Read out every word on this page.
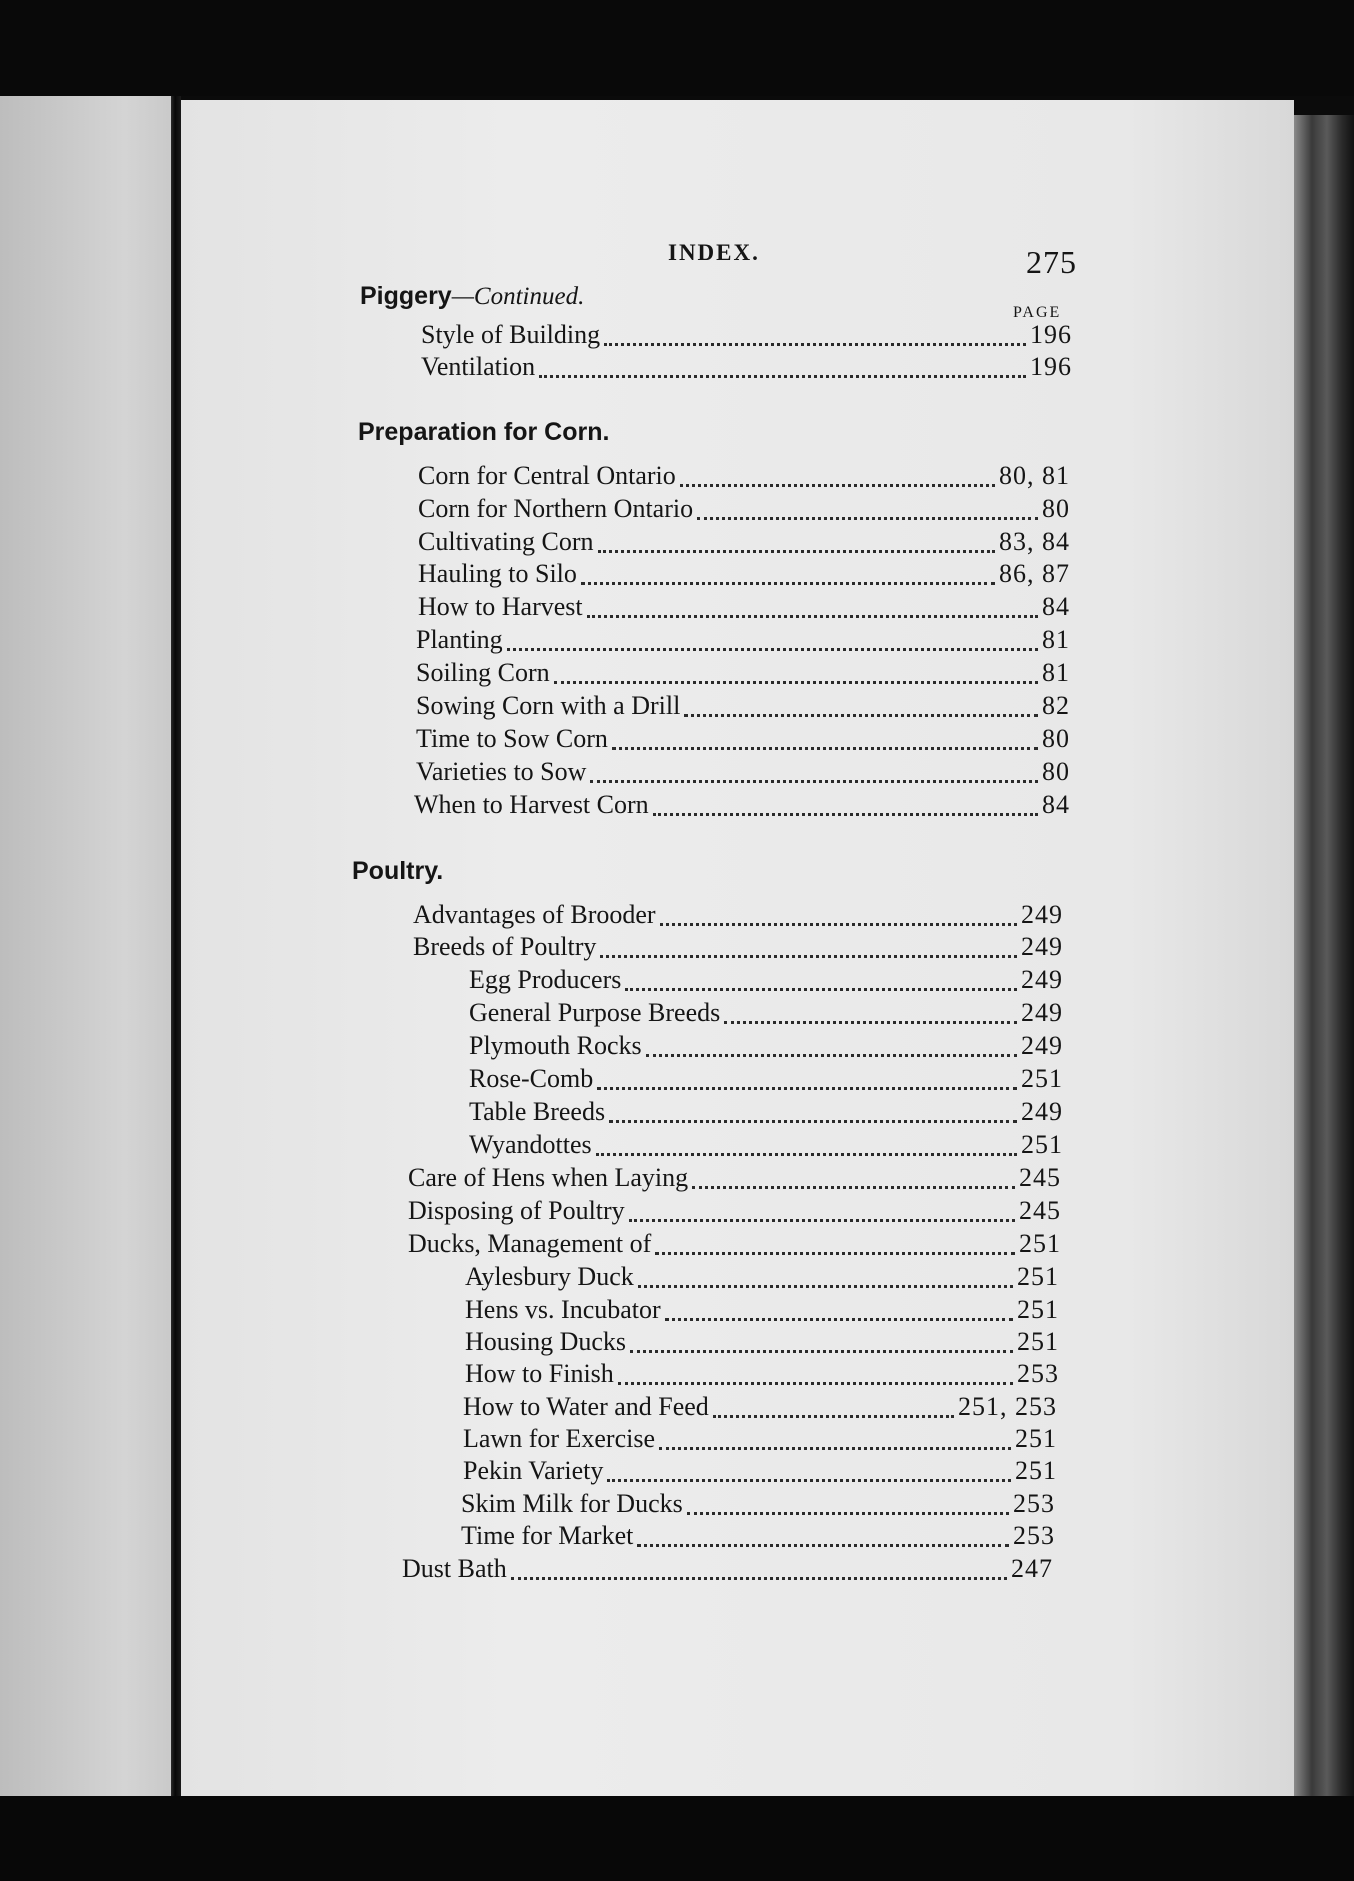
INDEX.	275
PAGE
Piggery—Continued.
Style of Building	196
Ventilation	196
Preparation for Corn.
Corn for Central Ontario	80, 81
Corn for Northern Ontario	80
Cultivating Corn	83, 84
Hauling to Silo	86, 87
How to Harvest	84
Planting	81
Soiling Corn	81
Sowing Corn with a Drill	82
Time to Sow Corn	80
Varieties to Sow	80
When to Harvest Corn	84
Poultry.
Advantages of Brooder	249
Breeds of Poultry	249
Egg Producers	249
General Purpose Breeds	249
Plymouth Rocks	249
Rose-Comb	251
Table Breeds	249
Wyandottes	251
Care of Hens when Laying	245
Disposing of Poultry	245
Ducks, Management of	251
Aylesbury Duck	251
Hens vs. Incubator	251
Housing Ducks	251
How to Finish	253
How to Water and Feed	251, 253
Lawn for Exercise	251
Pekin Variety	251
Skim Milk for Ducks	253
Time for Market	253
Dust Bath	247
